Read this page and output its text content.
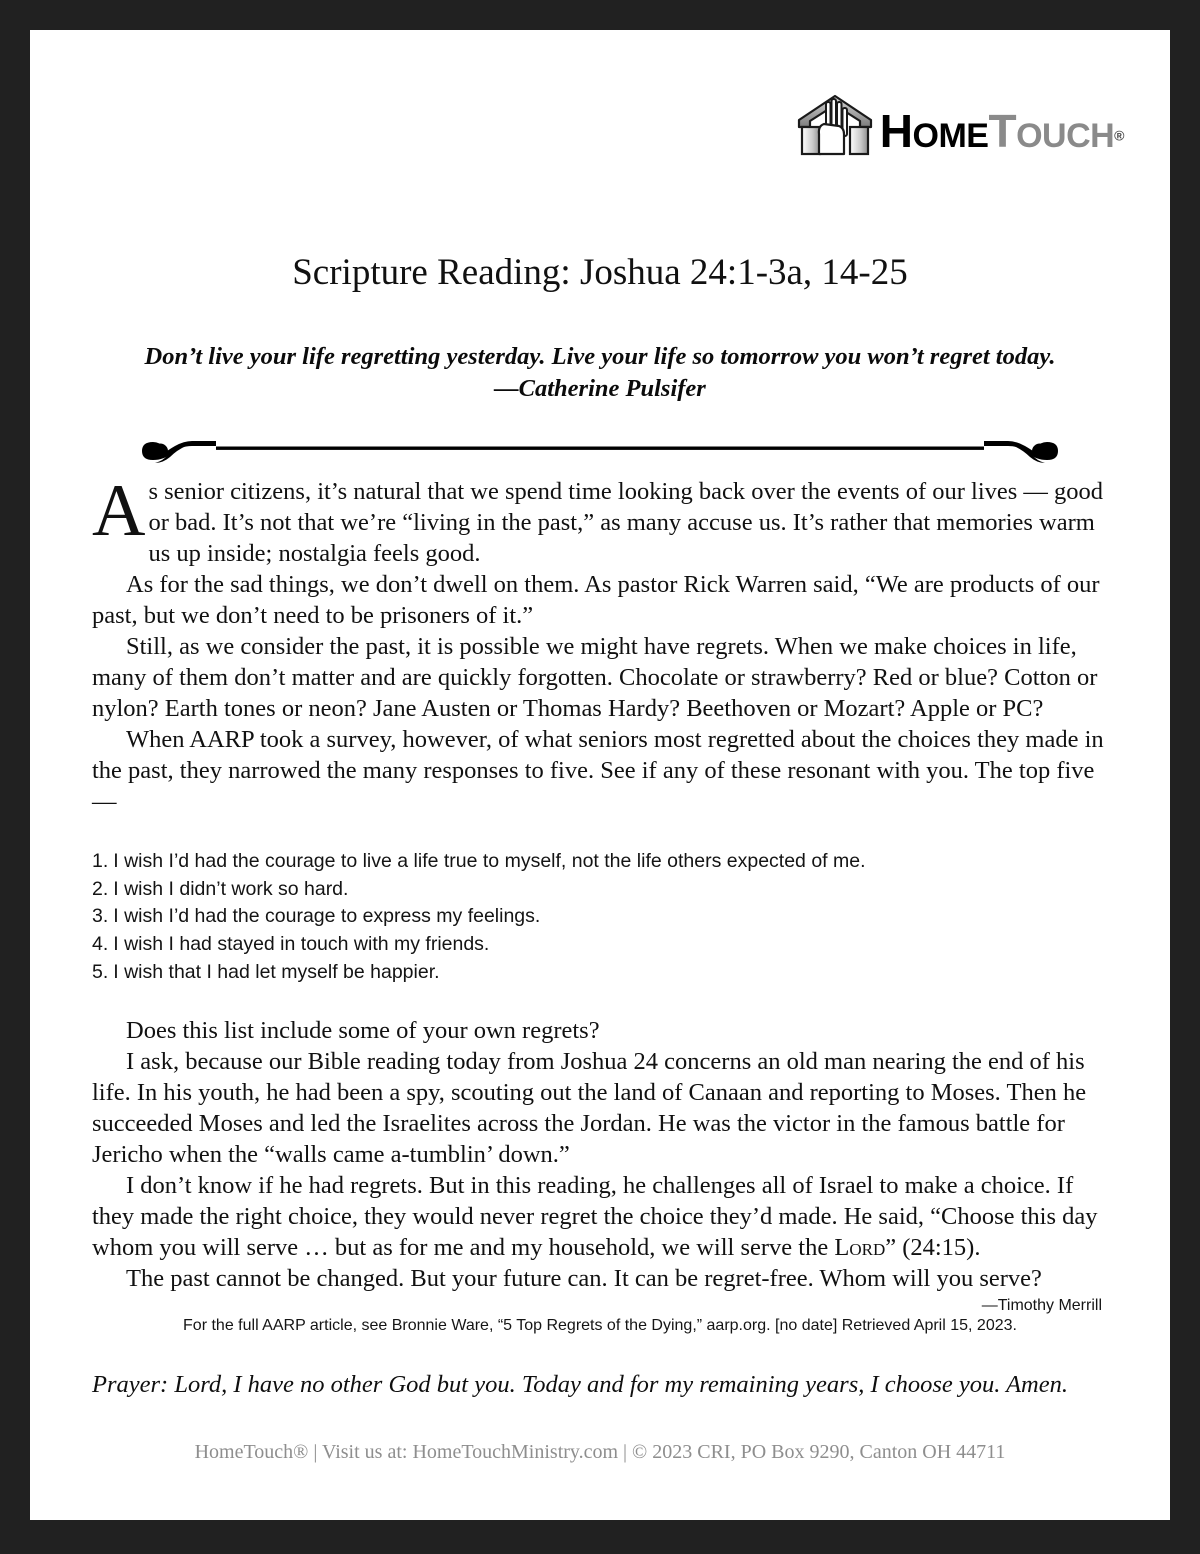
HOMETOUCH®
Scripture Reading: Joshua 24:1-3a, 14-25
Don’t live your life regretting yesterday. Live your life so tomorrow you won’t regret today.
—Catherine Pulsifer

As senior citizens, it’s natural that we spend time looking back over the events of our lives — good or bad. It’s not that we’re “living in the past,” as many accuse us. It’s rather that memories warm us up inside; nostalgia feels good.

As for the sad things, we don’t dwell on them. As pastor Rick Warren said, “We are products of our past, but we don’t need to be prisoners of it.”

Still, as we consider the past, it is possible we might have regrets. When we make choices in life, many of them don’t matter and are quickly forgotten. Chocolate or strawberry? Red or blue? Cotton or nylon? Earth tones or neon? Jane Austen or Thomas Hardy? Beethoven or Mozart? Apple or PC?

When AARP took a survey, however, of what seniors most regretted about the choices they made in the past, they narrowed the many responses to five. See if any of these resonant with you. The top five—

1. I wish I’d had the courage to live a life true to myself, not the life others expected of me.
2. I wish I didn’t work so hard.
3. I wish I’d had the courage to express my feelings.
4. I wish I had stayed in touch with my friends.
5. I wish that I had let myself be happier.

Does this list include some of your own regrets?

I ask, because our Bible reading today from Joshua 24 concerns an old man nearing the end of his life. In his youth, he had been a spy, scouting out the land of Canaan and reporting to Moses. Then he succeeded Moses and led the Israelites across the Jordan. He was the victor in the famous battle for Jericho when the “walls came a-tumblin’ down.”

I don’t know if he had regrets. But in this reading, he challenges all of Israel to make a choice. If they made the right choice, they would never regret the choice they’d made. He said, “Choose this day whom you will serve … but as for me and my household, we will serve the Lord” (24:15).

The past cannot be changed. But your future can. It can be regret-free. Whom will you serve?

—Timothy Merrill

For the full AARP article, see Bronnie Ware, “5 Top Regrets of the Dying,” aarp.org. [no date] Retrieved April 15, 2023.

Prayer: Lord, I have no other God but you. Today and for my remaining years, I choose you. Amen.

HomeTouch® | Visit us at: HomeTouchMinistry.com | © 2023 CRI, PO Box 9290, Canton OH 44711
